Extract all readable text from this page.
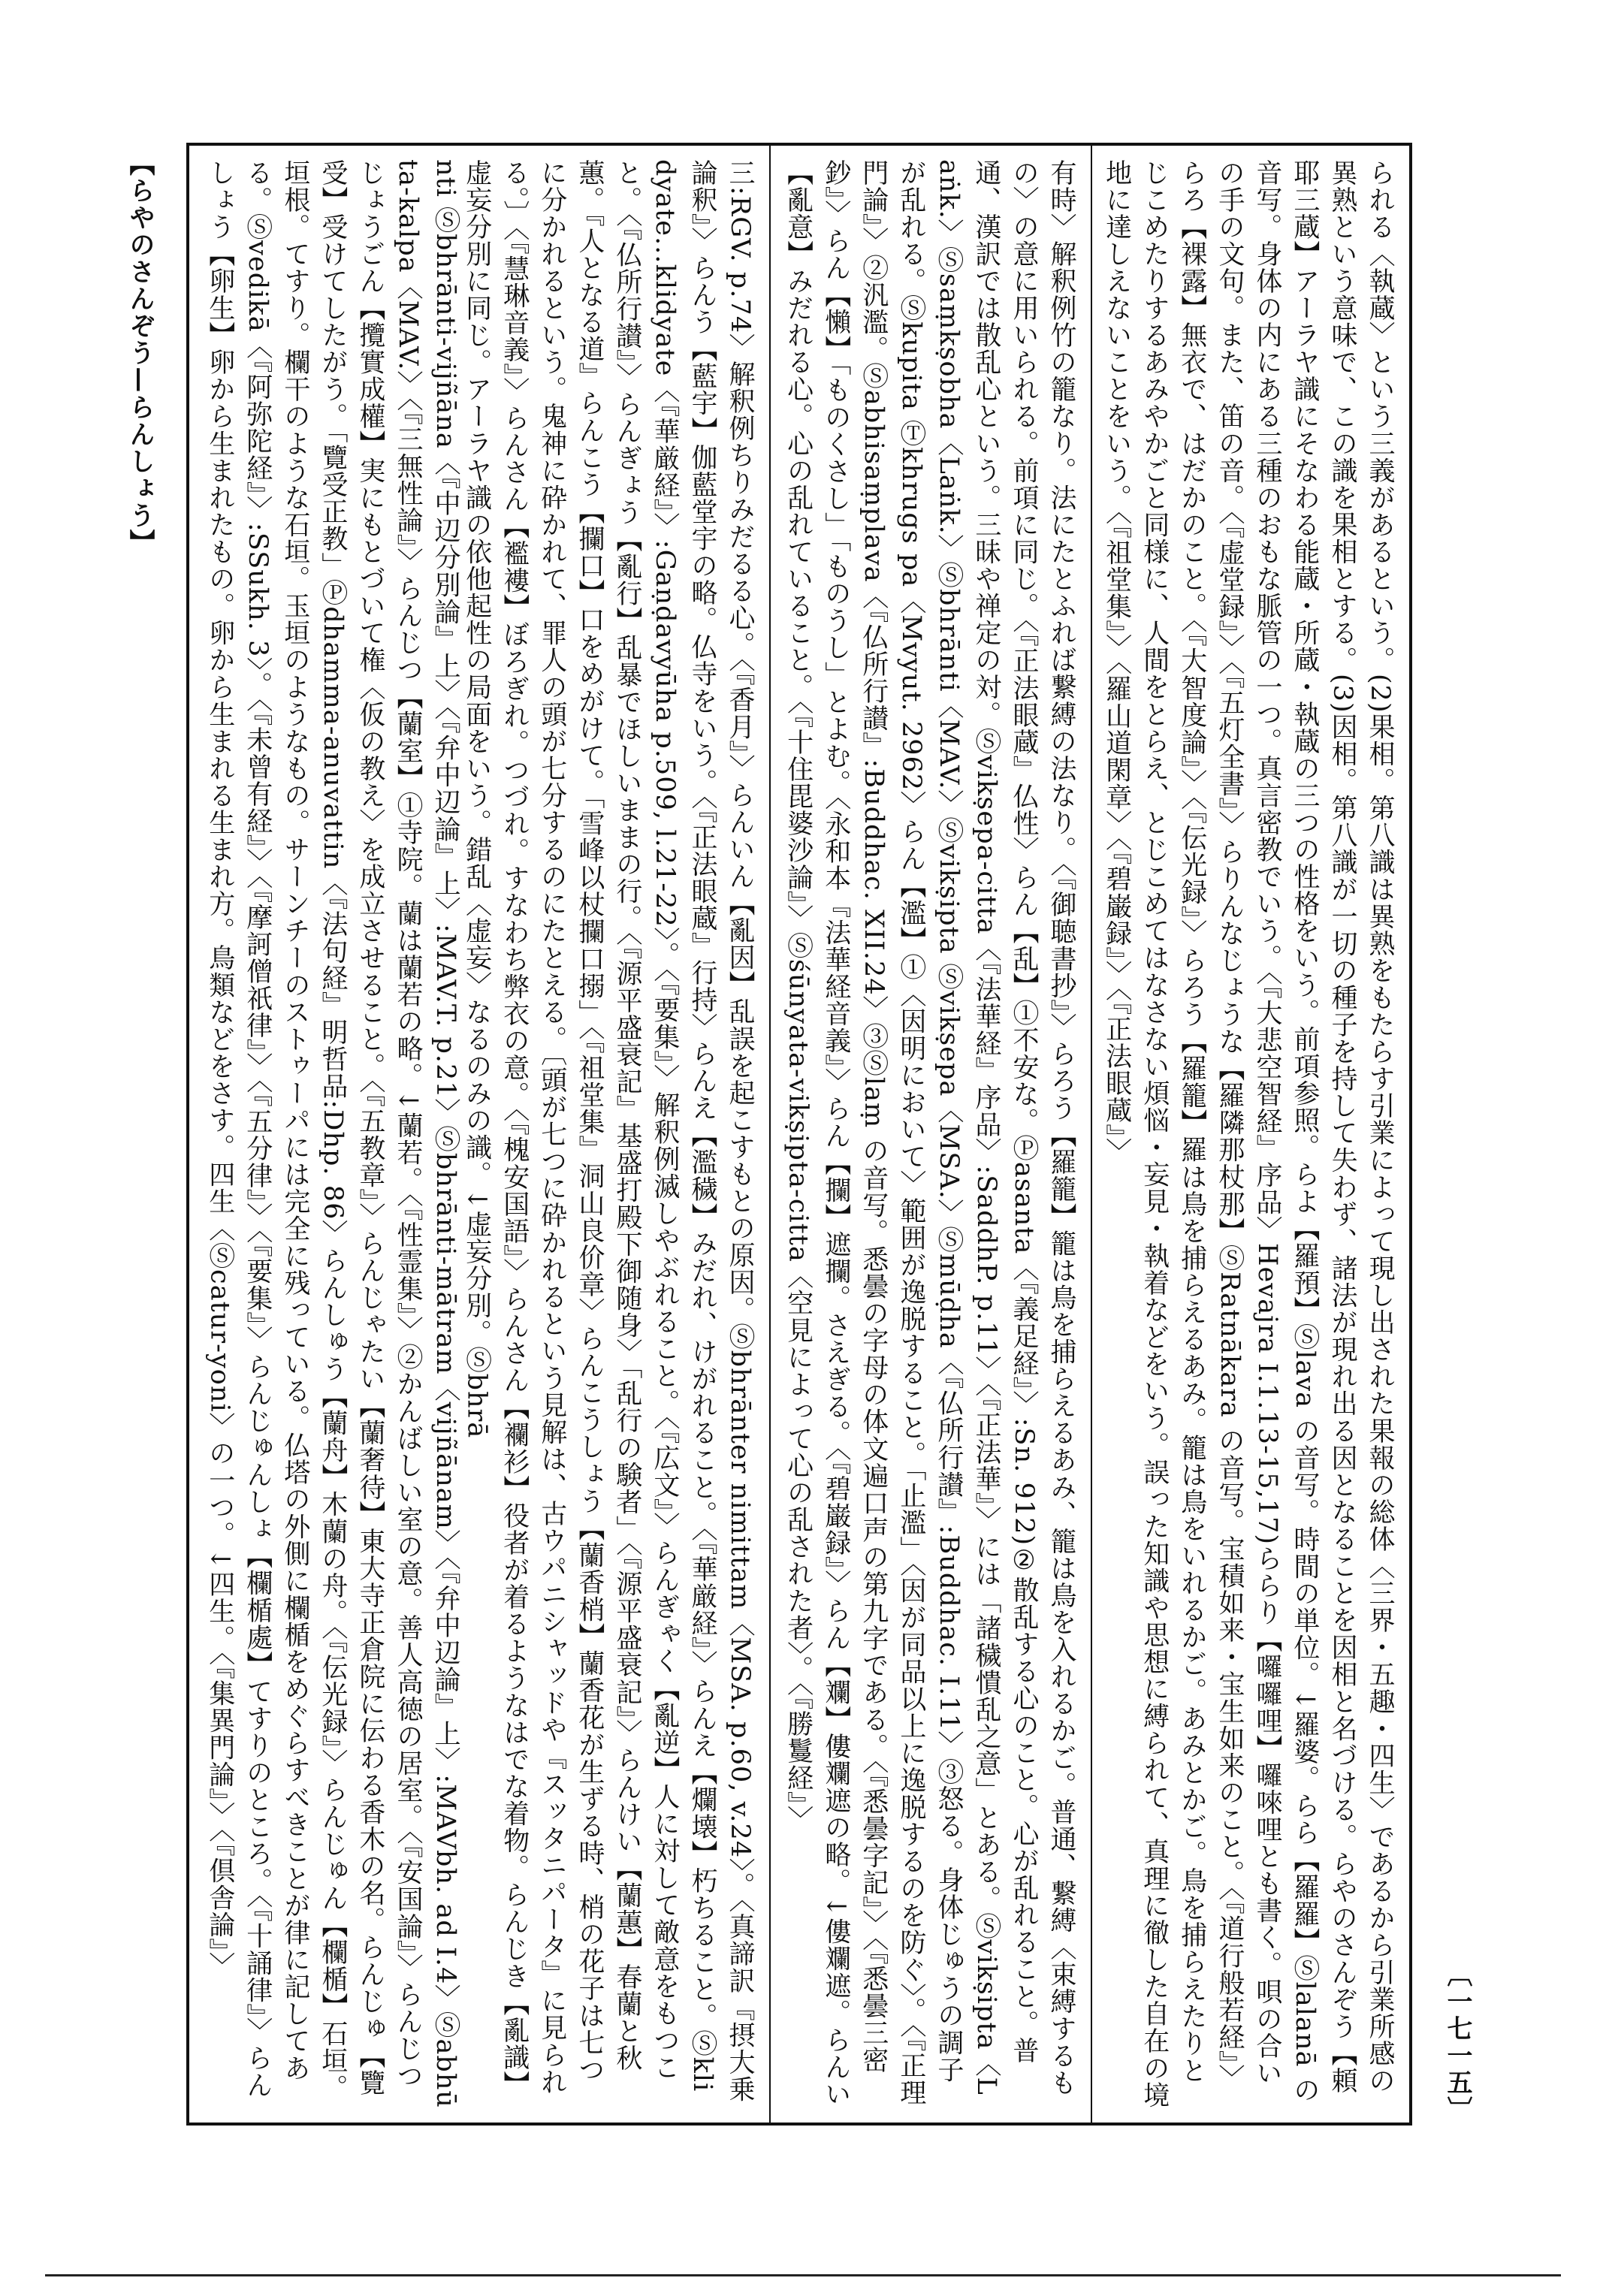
【らやのさんぞう—らんしょう】	nti Ⓢbhrānti-vijñāna〈『中辺分別論』上〉〈『弁中辺論』上〉:MAV.T. p.21〉Ⓢbhrānti-mātram〈vijñānam〉〈『弁中辺論』上〉:MAVbh. ad I.4〉Ⓢabhūta-kalpa〈MAV.〉〈『三無性論』〉らんじつ【蘭室】①寺院。蘭は蘭若の略。↓蘭若。〈『性霊集』〉②かんばしい室の意。善人高徳の居室。〈『安国論』〉らんじつじょうごん【攬實成權】実にもとづいて権〈仮の教え〉を成立させること。〈『五教章』〉らんじゃたい【蘭奢待】東大寺正倉院に伝わる香木の名。らんじゅ【覽受】受けてしたがう。「覽受正教」Ⓟdhamma-anuvattin〈『法句経』明哲品:Dhp. 86〉らんしゅう【蘭舟】木蘭の舟。〈『伝光録』〉らんじゅん【欄楯】石垣。垣根。てすり。欄干のような石垣。玉垣のようなもの。サーンチーのストゥーパには完全に残っている。仏塔の外側に欄楯をめぐらすべきことが律に記してある。Ⓢvedikā〈『阿弥陀経』〉:SSukh. 3〉。〈『未曾有経』〉〈『摩訶僧祇律』〉〈『五分律』〉〈『要集』〉らんじゅんしょ【欄楯處】てすりのところ。〈『十誦律』〉らんしょう【卵生】卵から生まれたもの。卵から生まれる生まれ方。鳥類などをさす。四生〈Ⓢcatur-yoni〉の一つ。↓四生。〈『集異門論』〉〈『倶舎論』〉	三:RGV. p.74〉解釈例ちりみだるる心。〈『香月』〉らんいん【亂因】乱誤を起こすもとの原因。Ⓢbhrānter nimittam〈MSA. p.60, v.24〉。〈真諦訳『摂大乗論釈』〉らんう【藍宇】伽藍堂宇の略。仏寺をいう。〈『正法眼蔵』行持〉らんえ【濫穢】みだれ、けがれること。〈『華厳経』〉らんえ【爛壊】朽ちること。Ⓢklidyate...klidyate〈『華厳経』〉:Gaṇḍavyūha p.509, l.21-22〉。〈『要集』〉解釈例滅しやぶれること。〈『広文』〉らんぎゃく【亂逆】人に対して敵意をもつこと。〈『仏所行讃』〉らんぎょう【亂行】乱暴でほしいままの行。〈『源平盛衰記』基盛打殿下御随身〉「乱行の験者」〈『源平盛衰記』〉らんけい【蘭蕙】春蘭と秋蕙。『人となる道』らんこう【攔口】口をめがけて。「雪峰以杖攔口搦」〈『祖堂集』洞山良价章〉らんこうしょう【蘭香梢】蘭香花が生ずる時、梢の花子は七つに分かれるという。鬼神に砕かれて、罪人の頭が七分するのにたとえる。〔頭が七つに砕かれるという見解は、古ウパニシャッドや『スッタニパータ』に見られる。〕〈『慧琳音義』〉らんさん【襤褸】ぼろぎれ。つづれ。すなわち弊衣の意。〈『槐安国語』〉らんさん【襴衫】役者が着るようなはでな着物。らんじき【亂識】虚妄分別に同じ。アーラヤ識の依他起性の局面をいう。錯乱〈虚妄〉なるのみの識。↓虚妄分別。Ⓢbhrā	有時〉解釈例竹の籠なり。法にたとふれば繋縛の法なり。〈『御聴書抄』〉らろう【羅籠】籠は鳥を捕らえるあみ、籠は鳥を入れるかご。普通、繋縛〈束縛するもの〉の意に用いられる。前項に同じ。〈『正法眼蔵』仏性〉らん【乱】①不安な。Ⓟasanta〈『義足経』〉:Sn. 912)②散乱する心のこと。心が乱れること。普通、漢訳では散乱心という。三昧や禅定の対。Ⓢvikṣepa-citta〈『法華経』序品〉:SaddhP. p.11〉〈『正法華』〉には「諸穢憒乱之意」とある。Ⓢvikṣipta〈Laṅk.〉Ⓢsaṃkṣobha〈Laṅk.〉Ⓢbhrānti〈MAV.〉Ⓢvikṣipta Ⓢvikṣepa〈MSA.〉Ⓢmūḍha〈『仏所行讃』:Buddhac. I.11〉③怒る。身体じゅうの調子が乱れる。Ⓢkupita Ⓣkhrugs pa〈Mvyut. 2962〉らん【濫】①〈因明において〉範囲が逸脱すること。「止濫」〈因が同品以上に逸脱するのを防ぐ〉。〈『正理門論』〉②汎濫。Ⓢabhisaṃplava〈『仏所行讃』:Buddhac. XII.24〉③Ⓢlaṃ の音写。悉曇の字母の体文遍口声の第九字である。〈『悉曇字記』〉〈『悉曇三密鈔』〉らん【懶】「ものくさし」「ものうし」とよむ。〈永和本『法華経音義』〉らん【攔】遮攔。さえぎる。〈『碧巌録』〉らん【斕】僂斕遮の略。↓僂斕遮。らんい【亂意】みだれる心。心の乱れていること。〈『十住毘婆沙論』〉Ⓢśūnyata-vikṣipta-citta〈空見によって心の乱された者〉。〈『勝鬘経』〉	られる〈執蔵〉という三義があるという。(2)果相。第八識は異熟をもたらす引業によって現し出された果報の総体〈三界・五趣・四生〉であるから引業所感の異熟という意味で、この識を果相とする。(3)因相。第八識が一切の種子を持して失わず、諸法が現れ出る因となることを因相と名づける。らやのさんぞう【頼耶三蔵】アーラヤ識にそなわる能蔵・所蔵・執蔵の三つの性格をいう。前項参照。らよ【羅預】Ⓢlava の音写。時間の単位。↓羅婆。らら【羅羅】Ⓢlalanā の音写。身体の内にある三種のおもな脈管の一つ。真言密教でいう。〈『大悲空智経』序品〉Hevajra I.1.13-15,17)ららり【囉囉哩】囉唻哩とも書く。唄の合いの手の文句。また、笛の音。〈『虚堂録』〉〈『五灯全書』〉らりんなじょうな【羅隣那杖那】ⓈRatnākara の音写。宝積如来・宝生如来のこと。〈『道行般若経』〉らろ【裸露】無衣で、はだかのこと。〈『大智度論』〉〈『伝光録』〉らろう【羅籠】羅は鳥を捕らえるあみ。籠は鳥をいれるかご。あみとかご。鳥を捕らえたりとじこめたりするあみやかごと同様に、人間をとらえ、とじこめてはなさない煩悩・妄見・執着などをいう。誤った知識や思想に縛られて、真理に徹した自在の境地に達しえないことをいう。〈『祖堂集』〉〈羅山道閑章〉〈『碧巌録』〉〈『正法眼蔵』〉
〔一七一五〕
